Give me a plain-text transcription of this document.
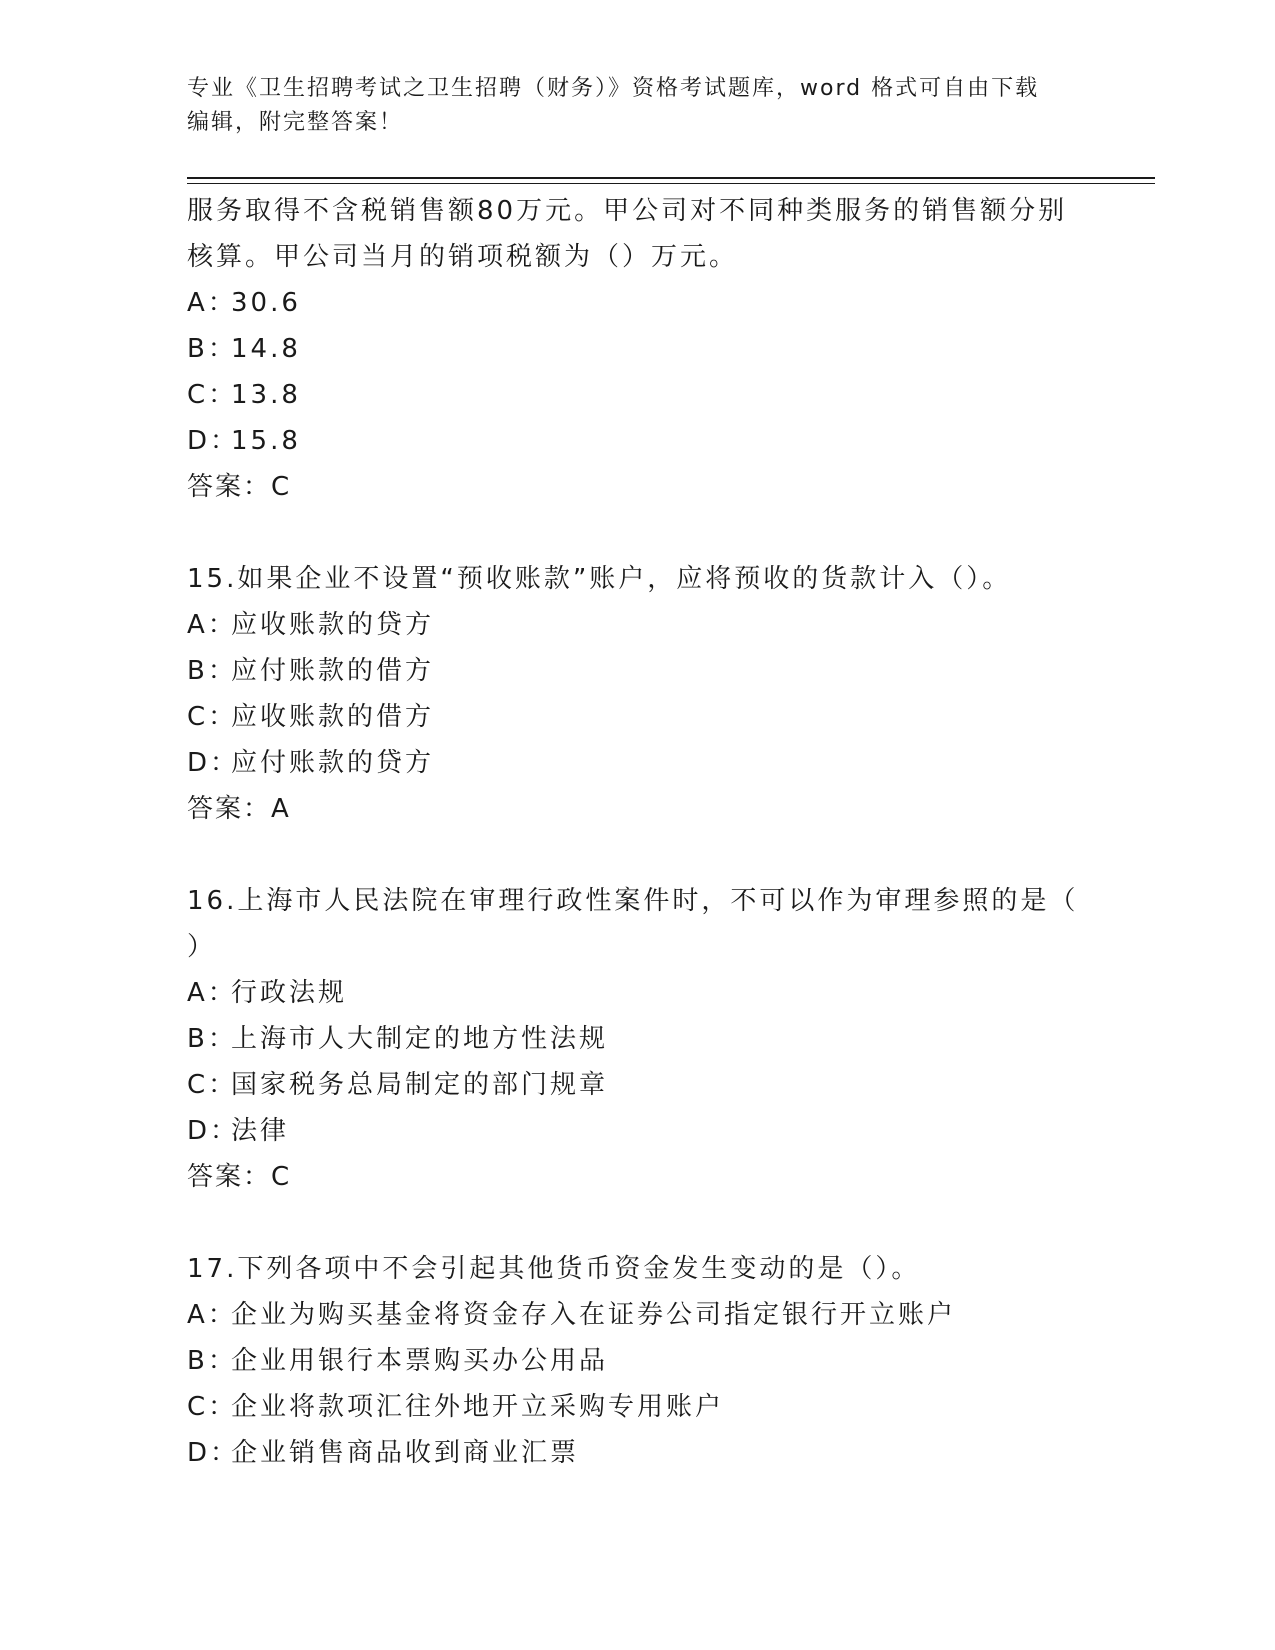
专业《卫生招聘考试之卫生招聘（财务）》资格考试题库，word 格式可自由下载
编辑，附完整答案！
服务取得不含税销售额80万元。甲公司对不同种类服务的销售额分别
核算。甲公司当月的销项税额为（）万元。
A：30.6
B：14.8
C：13.8
D：15.8
答案：C
15.如果企业不设置“预收账款”账户，应将预收的货款计入（）。
A：应收账款的贷方
B：应付账款的借方
C：应收账款的借方
D：应付账款的贷方
答案：A
16.上海市人民法院在审理行政性案件时，不可以作为审理参照的是（
）
A：行政法规
B：上海市人大制定的地方性法规
C：国家税务总局制定的部门规章
D：法律
答案：C
17.下列各项中不会引起其他货币资金发生变动的是（）。
A：企业为购买基金将资金存入在证券公司指定银行开立账户
B：企业用银行本票购买办公用品
C：企业将款项汇往外地开立采购专用账户
D：企业销售商品收到商业汇票
